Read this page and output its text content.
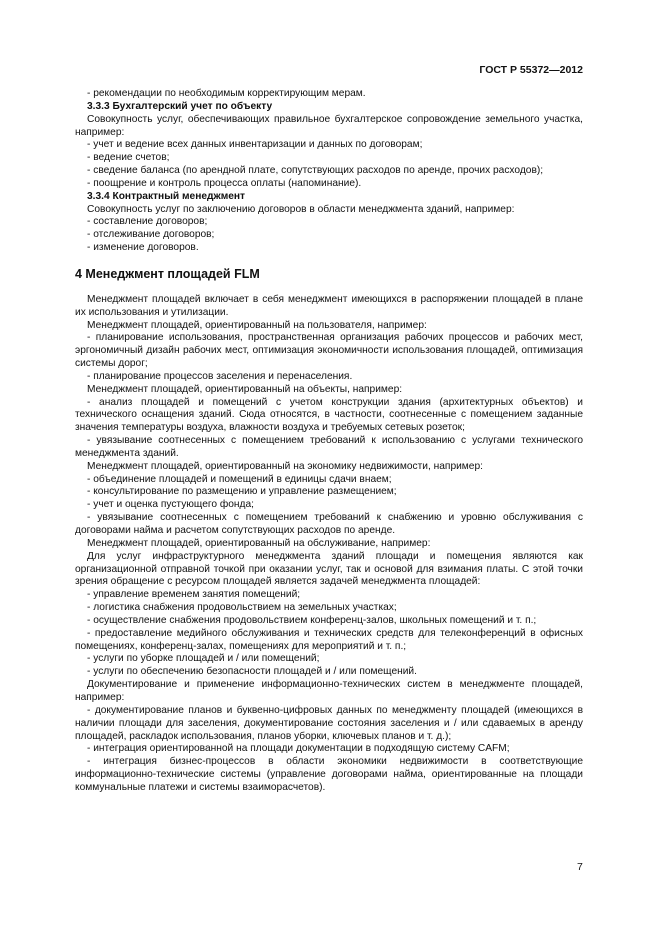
ГОСТ Р 55372—2012

- рекомендации по необходимым корректирующим мерам.

3.3.3 Бухгалтерский учет по объекту

Совокупность услуг, обеспечивающих правильное бухгалтерское сопровождение земельного участка, например:

- учет и ведение всех данных инвентаризации и данных по договорам;

- ведение счетов;

- сведение баланса (по арендной плате, сопутствующих расходов по аренде, прочих расходов);

- поощрение и контроль процесса оплаты (напоминание).

3.3.4 Контрактный менеджмент

Совокупность услуг по заключению договоров в области менеджмента зданий, например:

- составление договоров;

- отслеживание договоров;

- изменение договоров.

4 Менеджмент площадей FLM

Менеджмент площадей включает в себя менеджмент имеющихся в распоряжении площадей в плане их использования и утилизации.

Менеджмент площадей, ориентированный на пользователя, например:

- планирование использования, пространственная организация рабочих процессов и рабочих мест, эргономичный дизайн рабочих мест, оптимизация экономичности использования площадей, оптимизация системы дорог;

- планирование процессов заселения и перенаселения.

Менеджмент площадей, ориентированный на объекты, например:

- анализ площадей и помещений с учетом конструкции здания (архитектурных объектов) и технического оснащения зданий. Сюда относятся, в частности, соотнесенные с помещением заданные значения температуры воздуха, влажности воздуха и требуемых сетевых розеток;

- увязывание соотнесенных с помещением требований к использованию с услугами технического менеджмента зданий.

Менеджмент площадей, ориентированный на экономику недвижимости, например:

- объединение площадей и помещений в единицы сдачи внаем;

- консультирование по размещению и управление размещением;

- учет и оценка пустующего фонда;

- увязывание соотнесенных с помещением требований к снабжению и уровню обслуживания с договорами найма и расчетом сопутствующих расходов по аренде.

Менеджмент площадей, ориентированный на обслуживание, например:

Для услуг инфраструктурного менеджмента зданий площади и помещения являются как организационной отправной точкой при оказании услуг, так и основой для взимания платы. С этой точки зрения обращение с ресурсом площадей является задачей менеджмента площадей:

- управление временем занятия помещений;

- логистика снабжения продовольствием на земельных участках;

- осуществление снабжения продовольствием конференц-залов, школьных помещений и т. п.;

- предоставление медийного обслуживания и технических средств для телеконференций в офисных помещениях, конференц-залах, помещениях для мероприятий и т. п.;

- услуги по уборке площадей и / или помещений;

- услуги по обеспечению безопасности площадей и / или помещений.

Документирование и применение информационно-технических систем в менеджменте площадей, например:

- документирование планов и буквенно-цифровых данных по менеджменту площадей (имеющихся в наличии площади для заселения, документирование состояния заселения и / или сдаваемых в аренду площадей, раскладок использования, планов уборки, ключевых планов и т. д.);

- интеграция ориентированной на площади документации в подходящую систему CAFM;

- интеграция бизнес-процессов в области экономики недвижимости в соответствующие информационно-технические системы (управление договорами найма, ориентированные на площади коммунальные платежи и системы взаиморасчетов).

7
